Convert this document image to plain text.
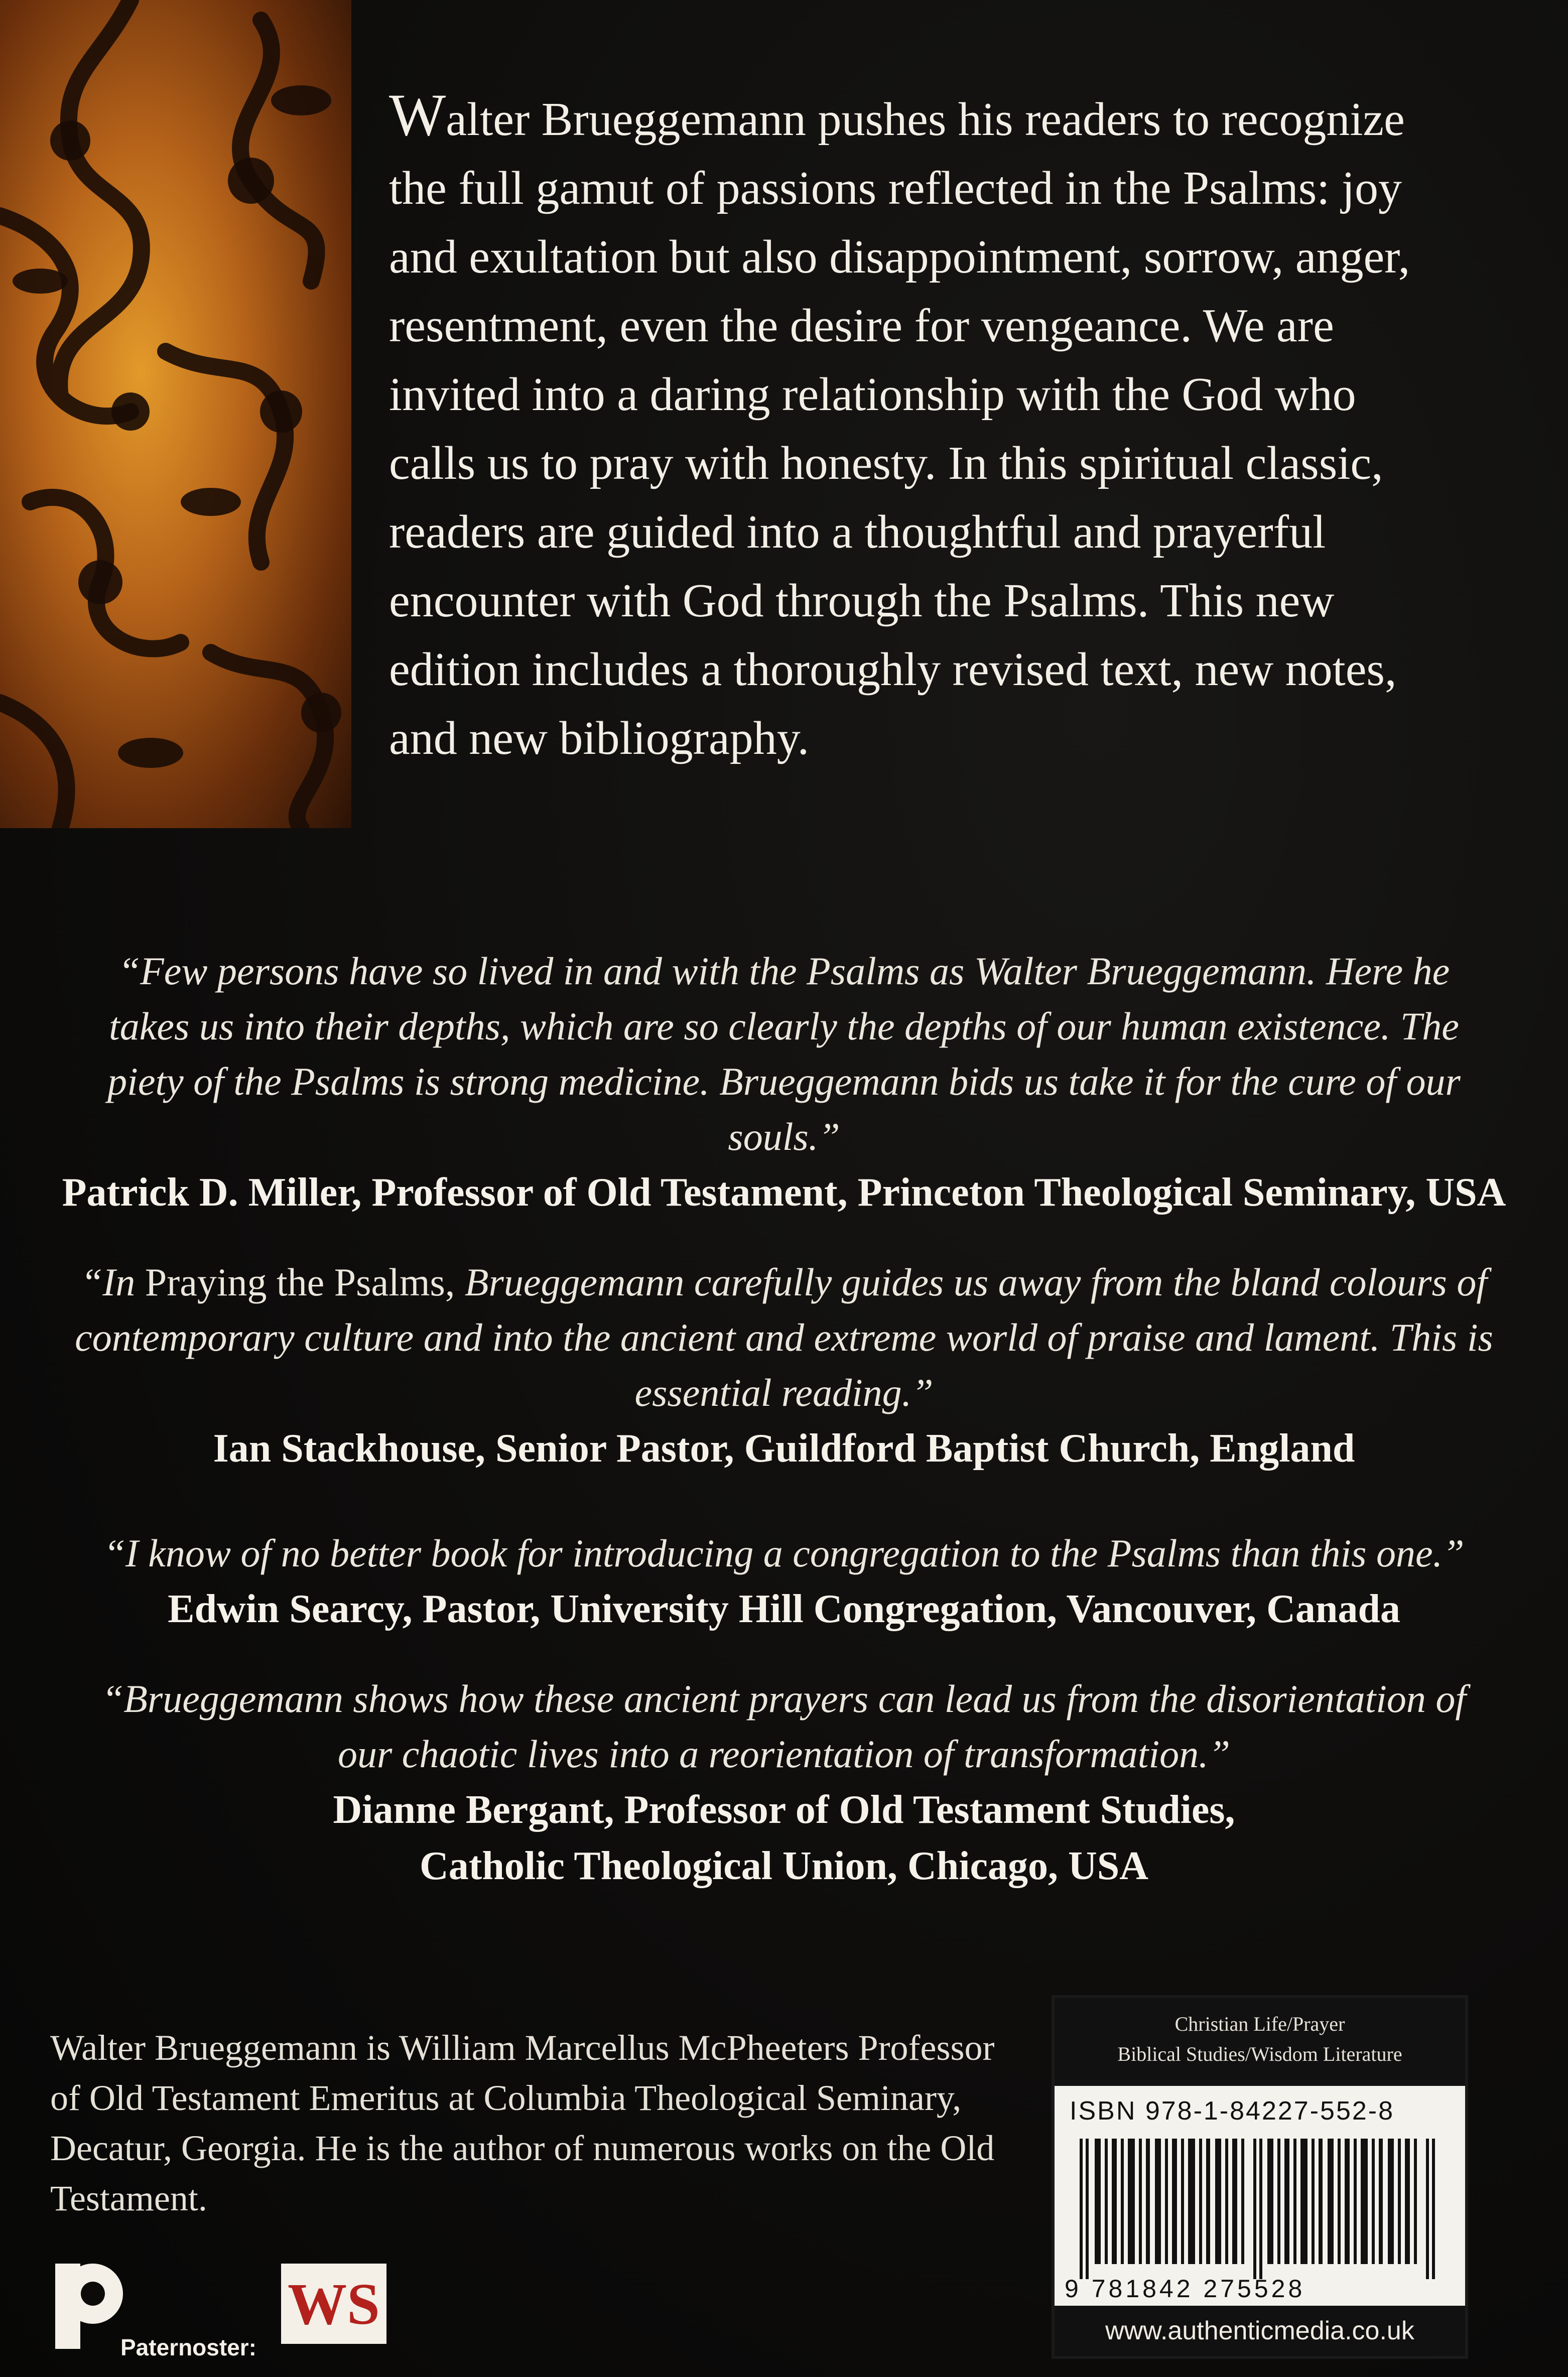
Walter Brueggemann pushes his readers to recognize the full gamut of passions reflected in the Psalms: joy and exultation but also disappointment, sorrow, anger, resentment, even the desire for vengeance. We are invited into a daring relationship with the God who calls us to pray with honesty. In this spiritual classic, readers are guided into a thoughtful and prayerful encounter with God through the Psalms. This new edition includes a thoroughly revised text, new notes, and new bibliography.

“Few persons have so lived in and with the Psalms as Walter Brueggemann. Here he takes us into their depths, which are so clearly the depths of our human existence. The piety of the Psalms is strong medicine. Brueggemann bids us take it for the cure of our souls.”

Patrick D. Miller, Professor of Old Testament, Princeton Theological Seminary, USA

“In Praying the Psalms, Brueggemann carefully guides us away from the bland colours of contemporary culture and into the ancient and extreme world of praise and lament. This is essential reading.”

Ian Stackhouse, Senior Pastor, Guildford Baptist Church, England

“I know of no better book for introducing a congregation to the Psalms than this one.”

Edwin Searcy, Pastor, University Hill Congregation, Vancouver, Canada

“Brueggemann shows how these ancient prayers can lead us from the disorientation of our chaotic lives into a reorientation of transformation.”

Dianne Bergant, Professor of Old Testament Studies,
Catholic Theological Union, Chicago, USA

Walter Brueggemann is William Marcellus McPheeters Professor of Old Testament Emeritus at Columbia Theological Seminary, Decatur, Georgia. He is the author of numerous works on the Old Testament.

Christian Life/Prayer
Biblical Studies/Wisdom Literature
ISBN 978-1-84227-552-8
9 781842 275528
www.authenticmedia.co.uk
Paternoster:
WS
